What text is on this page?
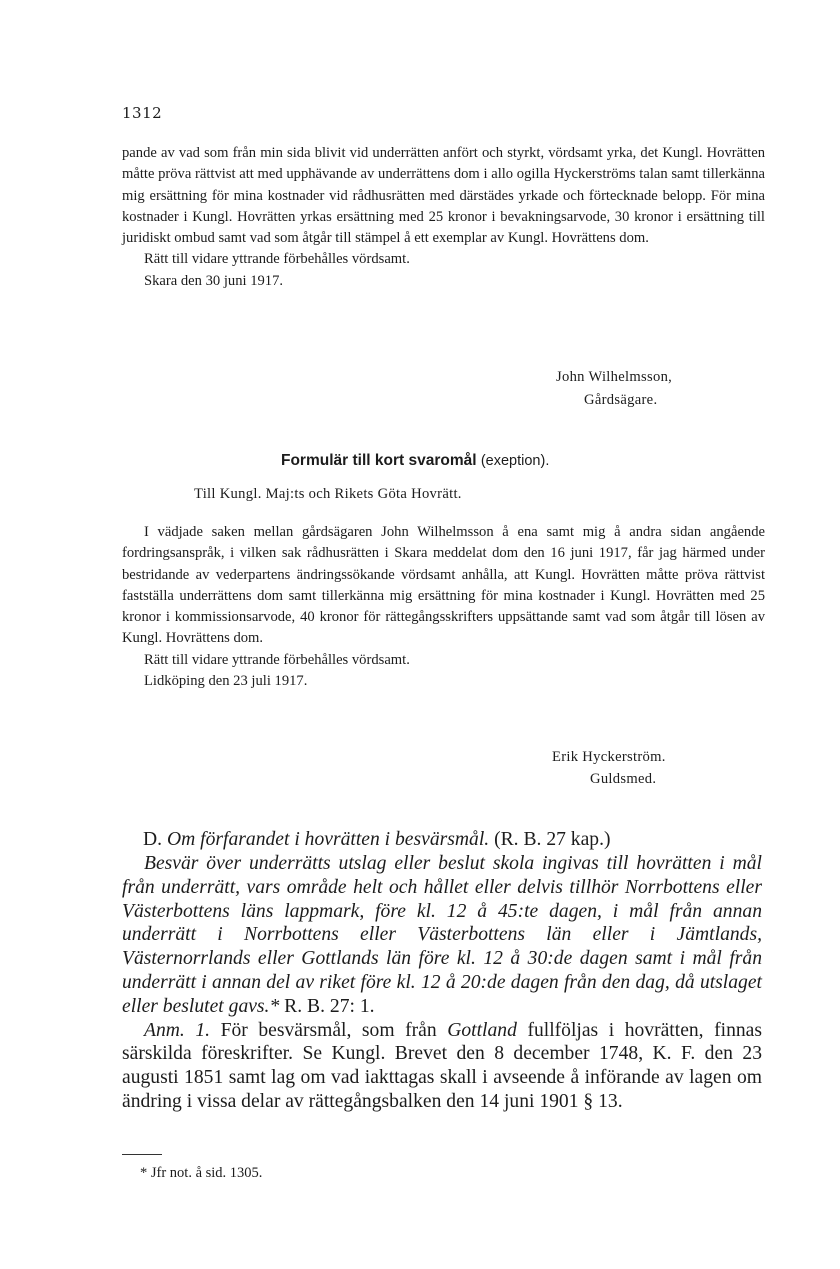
1312

pande av vad som från min sida blivit vid underrätten anfört och styrkt, vördsamt yrka, det Kungl. Hovrätten måtte pröva rättvist att med upphävande av underrättens dom i allo ogilla Hyckerströms talan samt tillerkänna mig ersättning för mina kostnader vid rådhusrätten med därstädes yrkade och förtecknade belopp. För mina kostnader i Kungl. Hovrätten yrkas ersättning med 25 kronor i bevakningsarvode, 30 kronor i ersättning till juridiskt ombud samt vad som åtgår till stämpel å ett exemplar av Kungl. Hovrättens dom.

Rätt till vidare yttrande förbehålles vördsamt.
Skara den 30 juni 1917.
John Wilhelmsson,
Gårdsägare.
Formulär till kort svaromål (exeption).
Till Kungl. Maj:ts och Rikets Göta Hovrätt.

I vädjade saken mellan gårdsägaren John Wilhelmsson å ena samt mig å andra sidan angående fordringsanspråk, i vilken sak rådhusrätten i Skara meddelat dom den 16 juni 1917, får jag härmed under bestridande av vederpartens ändringssökande vördsamt anhålla, att Kungl. Hovrätten måtte pröva rättvist fastställa underrättens dom samt tillerkänna mig ersättning för mina kostnader i Kungl. Hovrätten med 25 kronor i kommissionsarvode, 40 kronor för rättegångsskrifters uppsättande samt vad som åtgår till lösen av Kungl. Hovrättens dom.

Rätt till vidare yttrande förbehålles vördsamt.
Lidköping den 23 juli 1917.
Erik Hyckerström.
Guldsmed.

D. Om förfarandet i hovrätten i besvärsmål. (R. B. 27 kap.)

Besvär över underrätts utslag eller beslut skola ingivas till hovrätten i mål från underrätt, vars område helt och hållet eller delvis tillhör Norrbottens eller Västerbottens läns lappmark, före kl. 12 å 45:te dagen, i mål från annan underrätt i Norrbottens eller Västerbottens län eller i Jämtlands, Västernorrlands eller Gottlands län före kl. 12 å 30:de dagen samt i mål från underrätt i annan del av riket före kl. 12 å 20:de dagen från den dag, då utslaget eller beslutet gavs.* R. B. 27: 1.

Anm. 1. För besvärsmål, som från Gottland fullföljas i hovrätten, finnas särskilda föreskrifter. Se Kungl. Brevet den 8 december 1748, K. F. den 23 augusti 1851 samt lag om vad iakttagas skall i avseende å införande av lagen om ändring i vissa delar av rättegångsbalken den 14 juni 1901 § 13.

* Jfr not. å sid. 1305.
